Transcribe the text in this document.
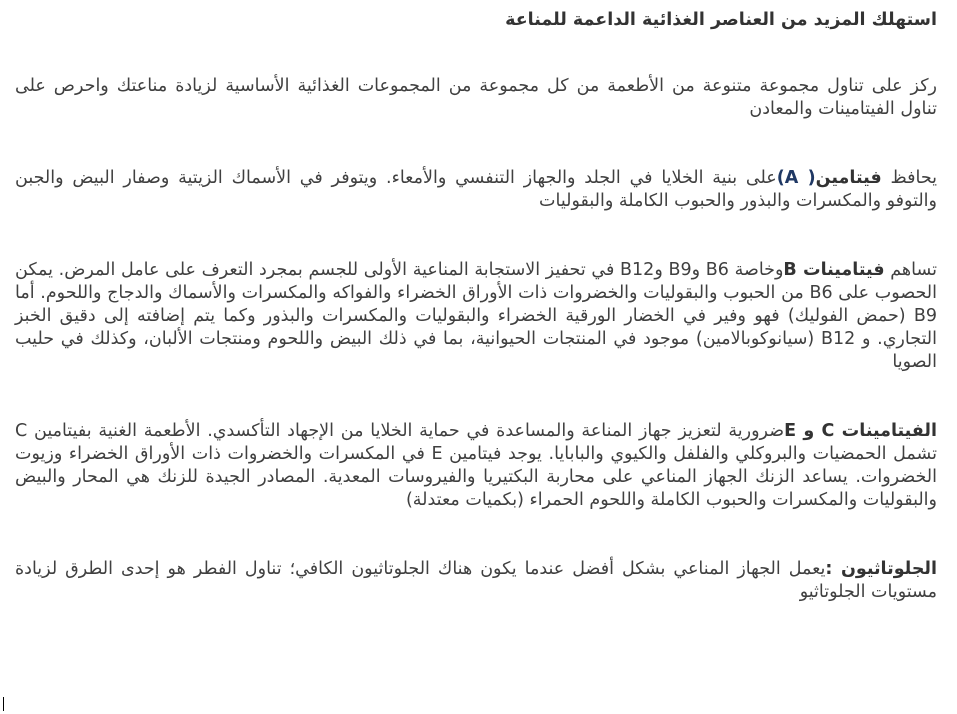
استهلك المزيد من العناصر الغذائية الداعمة للمناعة

ركز على تناول مجموعة متنوعة من الأطعمة من كل مجموعة من المجموعات الغذائية الأساسية لزيادة مناعتك واحرص على تناول الفيتامينات والمعادن

يحافظ فيتامين( A)على بنية الخلايا في الجلد والجهاز التنفسي والأمعاء. ويتوفر في الأسماك الزيتية وصفار البيض والجبن والتوفو والمكسرات والبذور والحبوب الكاملة والبقوليات

تساهم فيتامينات Bوخاصة B6 وB9 وB12 في تحفيز الاستجابة المناعية الأولى للجسم بمجرد التعرف على عامل المرض. يمكن الحصوب على B6 من الحبوب والبقوليات والخضروات ذات الأوراق الخضراء والفواكه والمكسرات والأسماك والدجاج واللحوم. أما B9 (حمض الفوليك) فهو وفير في الخضار الورقية الخضراء والبقوليات والمكسرات والبذور وكما يتم إضافته إلى دقيق الخبز التجاري. و B12 (سيانوكوبالامين) موجود في المنتجات الحيوانية، بما في ذلك البيض واللحوم ومنتجات الألبان، وكذلك في حليب الصويا

الفيتامينات C و Eضرورية لتعزيز جهاز المناعة والمساعدة في حماية الخلايا من الإجهاد التأكسدي. الأطعمة الغنية بفيتامين C تشمل الحمضيات والبروكلي والفلفل والكيوي والبابايا. يوجد فيتامين E في المكسرات والخضروات ذات الأوراق الخضراء وزيوت الخضروات. يساعد الزنك الجهاز المناعي على محاربة البكتيريا والفيروسات المعدية. المصادر الجيدة للزنك هي المحار والبيض والبقوليات والمكسرات والحبوب الكاملة واللحوم الحمراء (بكميات معتدلة)

الجلوتاثيون :يعمل الجهاز المناعي بشكل أفضل عندما يكون هناك الجلوتاثيون الكافي؛ تناول الفطر هو إحدى الطرق لزيادة مستويات الجلوتاثيو
